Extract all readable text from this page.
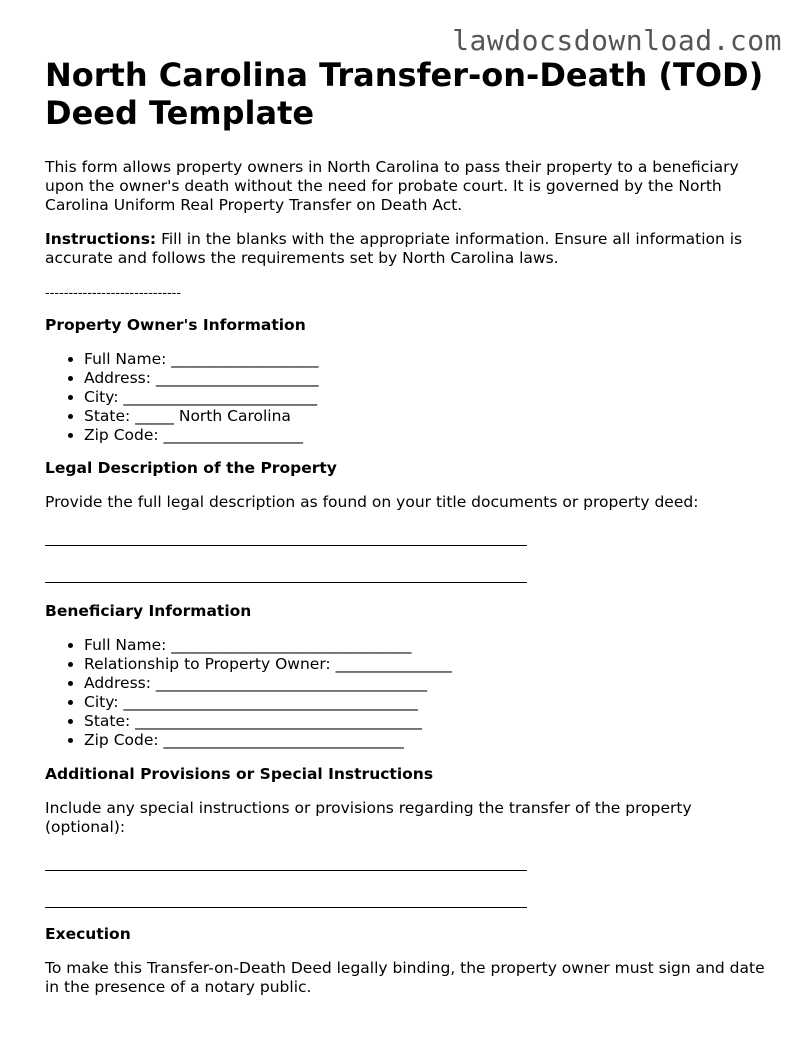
lawdocsdownload.com
North Carolina Transfer-on-Death (TOD) Deed Template

This form allows property owners in North Carolina to pass their property to a beneficiary upon the owner's death without the need for probate court. It is governed by the North Carolina Uniform Real Property Transfer on Death Act.

Instructions: Fill in the blanks with the appropriate information. Ensure all information is accurate and follows the requirements set by North Carolina laws.

-----------------------------
Property Owner's Information
• Full Name: ___________________
• Address: _____________________
• City: _________________________
• State: _____ North Carolina
• Zip Code: __________________
Legal Description of the Property

Provide the full legal description as found on your title documents or property deed:

Beneficiary Information
• Full Name: _______________________________
• Relationship to Property Owner: _______________
• Address: ___________________________________
• City: ______________________________________
• State: _____________________________________
• Zip Code: _______________________________
Additional Provisions or Special Instructions

Include any special instructions or provisions regarding the transfer of the property (optional):

Execution

To make this Transfer-on-Death Deed legally binding, the property owner must sign and date in the presence of a notary public.
